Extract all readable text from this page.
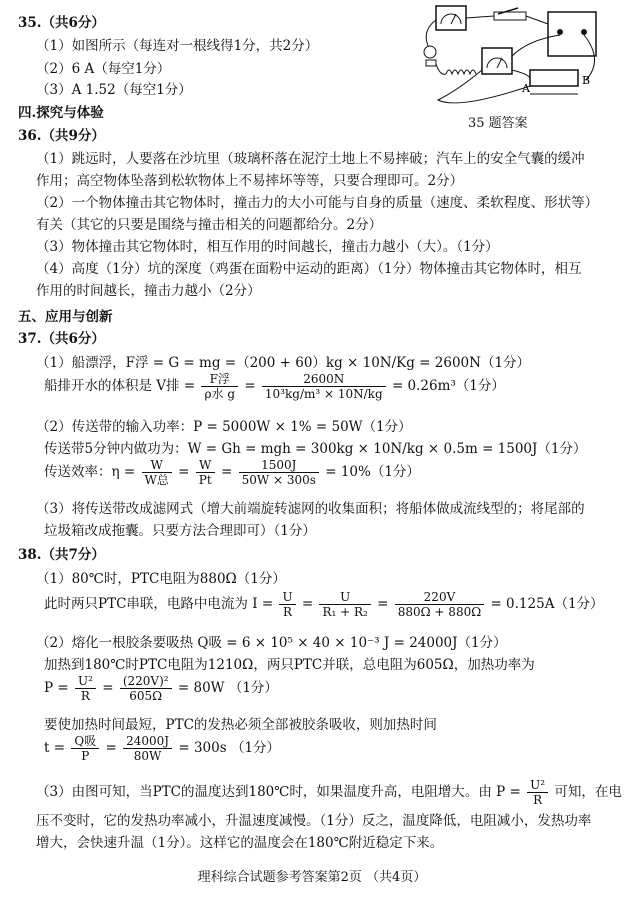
35.（共6分）
（1）如图所示（每连对一根线得1分，共2分）
（2）6 A（每空1分）
（3）A 1.52（每空1分）	A
B
35 题答案
四.探究与体验
36.（共9分）
（1）跳远时，人要落在沙坑里（玻璃杯落在泥泞土地上不易摔破；汽车上的安全气囊的缓冲
作用；高空物体坠落到松软物体上不易摔坏等等，只要合理即可。2分）
（2）一个物体撞击其它物体时，撞击力的大小可能与自身的质量（速度、柔软程度、形状等）
有关（其它的只要是围绕与撞击相关的问题都给分。2分）
（3）物体撞击其它物体时，相互作用的时间越长，撞击力越小（大）。（1分）
（4）高度（1分）坑的深度（鸡蛋在面粉中运动的距离）（1分）物体撞击其它物体时，相互
作用的时间越长，撞击力越小（2分）
五、应用与创新
37.（共6分）
（1）船漂浮，F浮 = G = mg =（200 + 60）kg × 10N/Kg = 2600N（1分）
船排开水的体积是 V排 = $\frac{\text{F浮}}{\text{ρ水 g}} = \frac{2600N}{\text{10³kg/m³ × 10N/kg}} = 0.26m^3(1$分）
（2）传送带的输入功率：P = 5000W × 1% = 50W（1分）
传送带5分钟内做功为：W = Gh = mgh = 300kg × 10N/kg × 0.5m = 1500J（1分）
传送效率：$\eta = \frac{W}{\text{W总}} = \frac{W}{Pt} = \frac{1500J}{50W \times 300s} = 10\%(1$分）
（3）将传送带改成滤网式（增大前端旋转滤网的收集面积；将船体做成流线型的；将尾部的
垃圾箱改成拖囊。只要方法合理即可）（1分）
38.（共7分）
（1）80℃时，PTC电阻为880Ω（1分）
此时两只PTC串联，电路中电流为 $I = \frac{U}{R} = \frac{U}{\text{R₁ + R₂}} = \frac{220V}{880\Omega + 880\Omega} = 0.125A(1$分）
（2）熔化一根胶条要吸热 Q吸 = 6 × 10⁵ × 40 × 10⁻³ J = 24000J（1分）
加热到180℃时PTC电阻为1210Ω，两只PTC并联，总电阻为605Ω，加热功率为
$P = \frac{\text{U²}}{R} = \frac{\text{(220V)²}}{605\Omega} = 80W$ （1分）
要使加热时间最短，PTC的发热必须全部被胶条吸收，则加热时间
$t = \frac{\text{Q吸}}{P} = \frac{24000J}{80W} = 300s$ （1分）
（3）由图可知，当PTC的温度达到180℃时，如果温度升高，电阻增大。由 $P = \frac{\text{U²}}{R}$ 可知，在电
压不变时，它的发热功率减小，升温速度减慢。（1分）反之，温度降低，电阻减小，发热功率
增大，会快速升温（1分）。这样它的温度会在180℃附近稳定下来。
理科综合试题参考答案第2页 （共4页）
